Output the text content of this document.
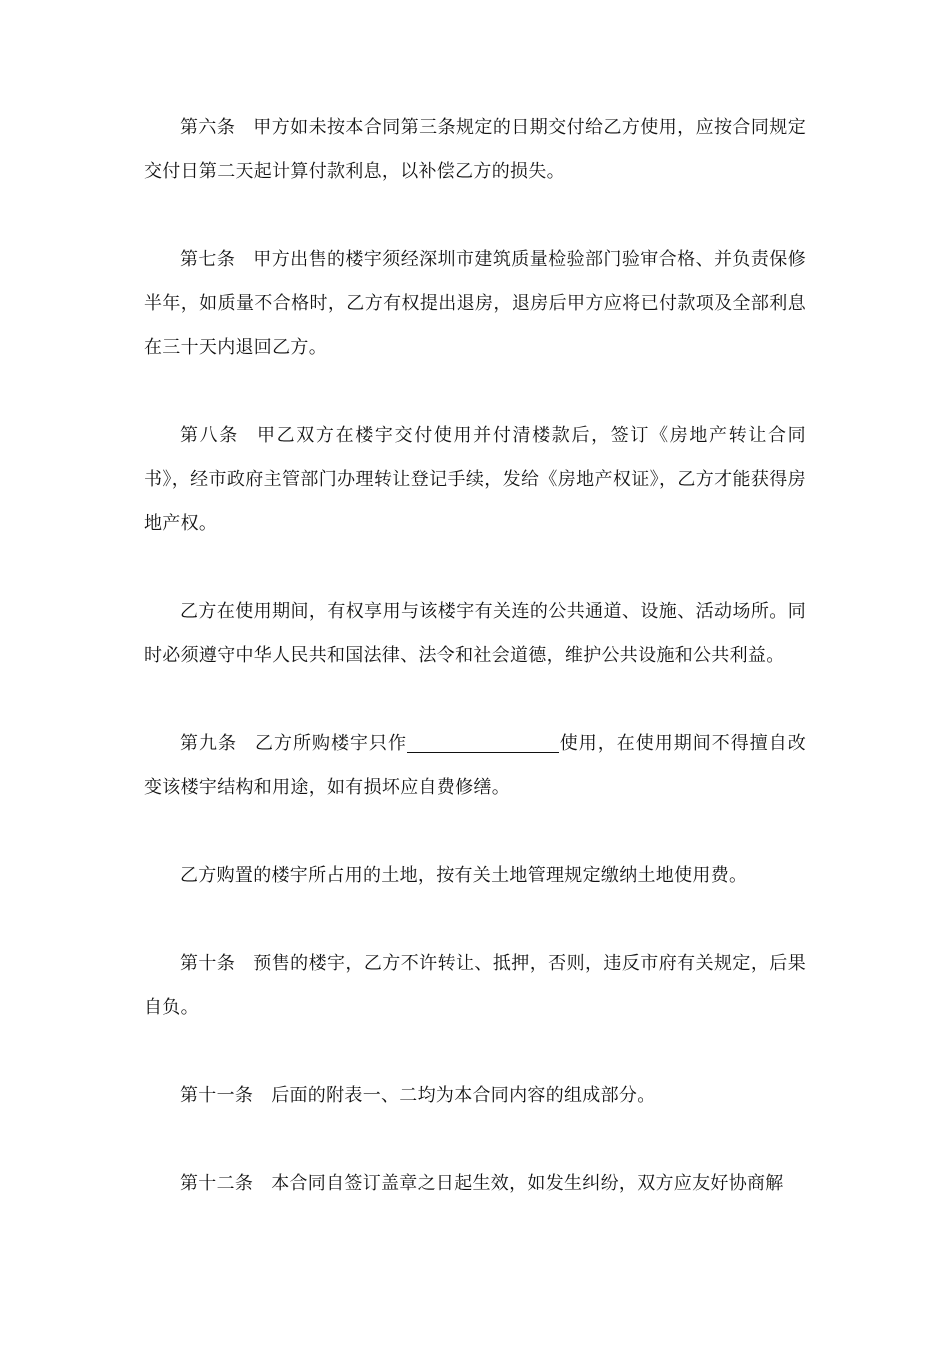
第六条 甲方如未按本合同第三条规定的日期交付给乙方使用，应按合同规定交付日第二天起计算付款利息，以补偿乙方的损失。

第七条 甲方出售的楼宇须经深圳市建筑质量检验部门验审合格、并负责保修半年，如质量不合格时，乙方有权提出退房，退房后甲方应将已付款项及全部利息在三十天内退回乙方。

第八条 甲乙双方在楼宇交付使用并付清楼款后，签订《房地产转让合同书》，经市政府主管部门办理转让登记手续，发给《房地产权证》，乙方才能获得房地产权。

乙方在使用期间，有权享用与该楼宇有关连的公共通道、设施、活动场所。同时必须遵守中华人民共和国法律、法令和社会道德，维护公共设施和公共利益。

第九条 乙方所购楼宇只作	使用，在使用期间不得擅自改变该楼宇结构和用途，如有损坏应自费修缮。

乙方购置的楼宇所占用的土地，按有关土地管理规定缴纳土地使用费。

第十条 预售的楼宇，乙方不许转让、抵押，否则，违反市府有关规定，后果自负。

第十一条 后面的附表一、二均为本合同内容的组成部分。

第十二条 本合同自签订盖章之日起生效，如发生纠纷，双方应友好协商解
